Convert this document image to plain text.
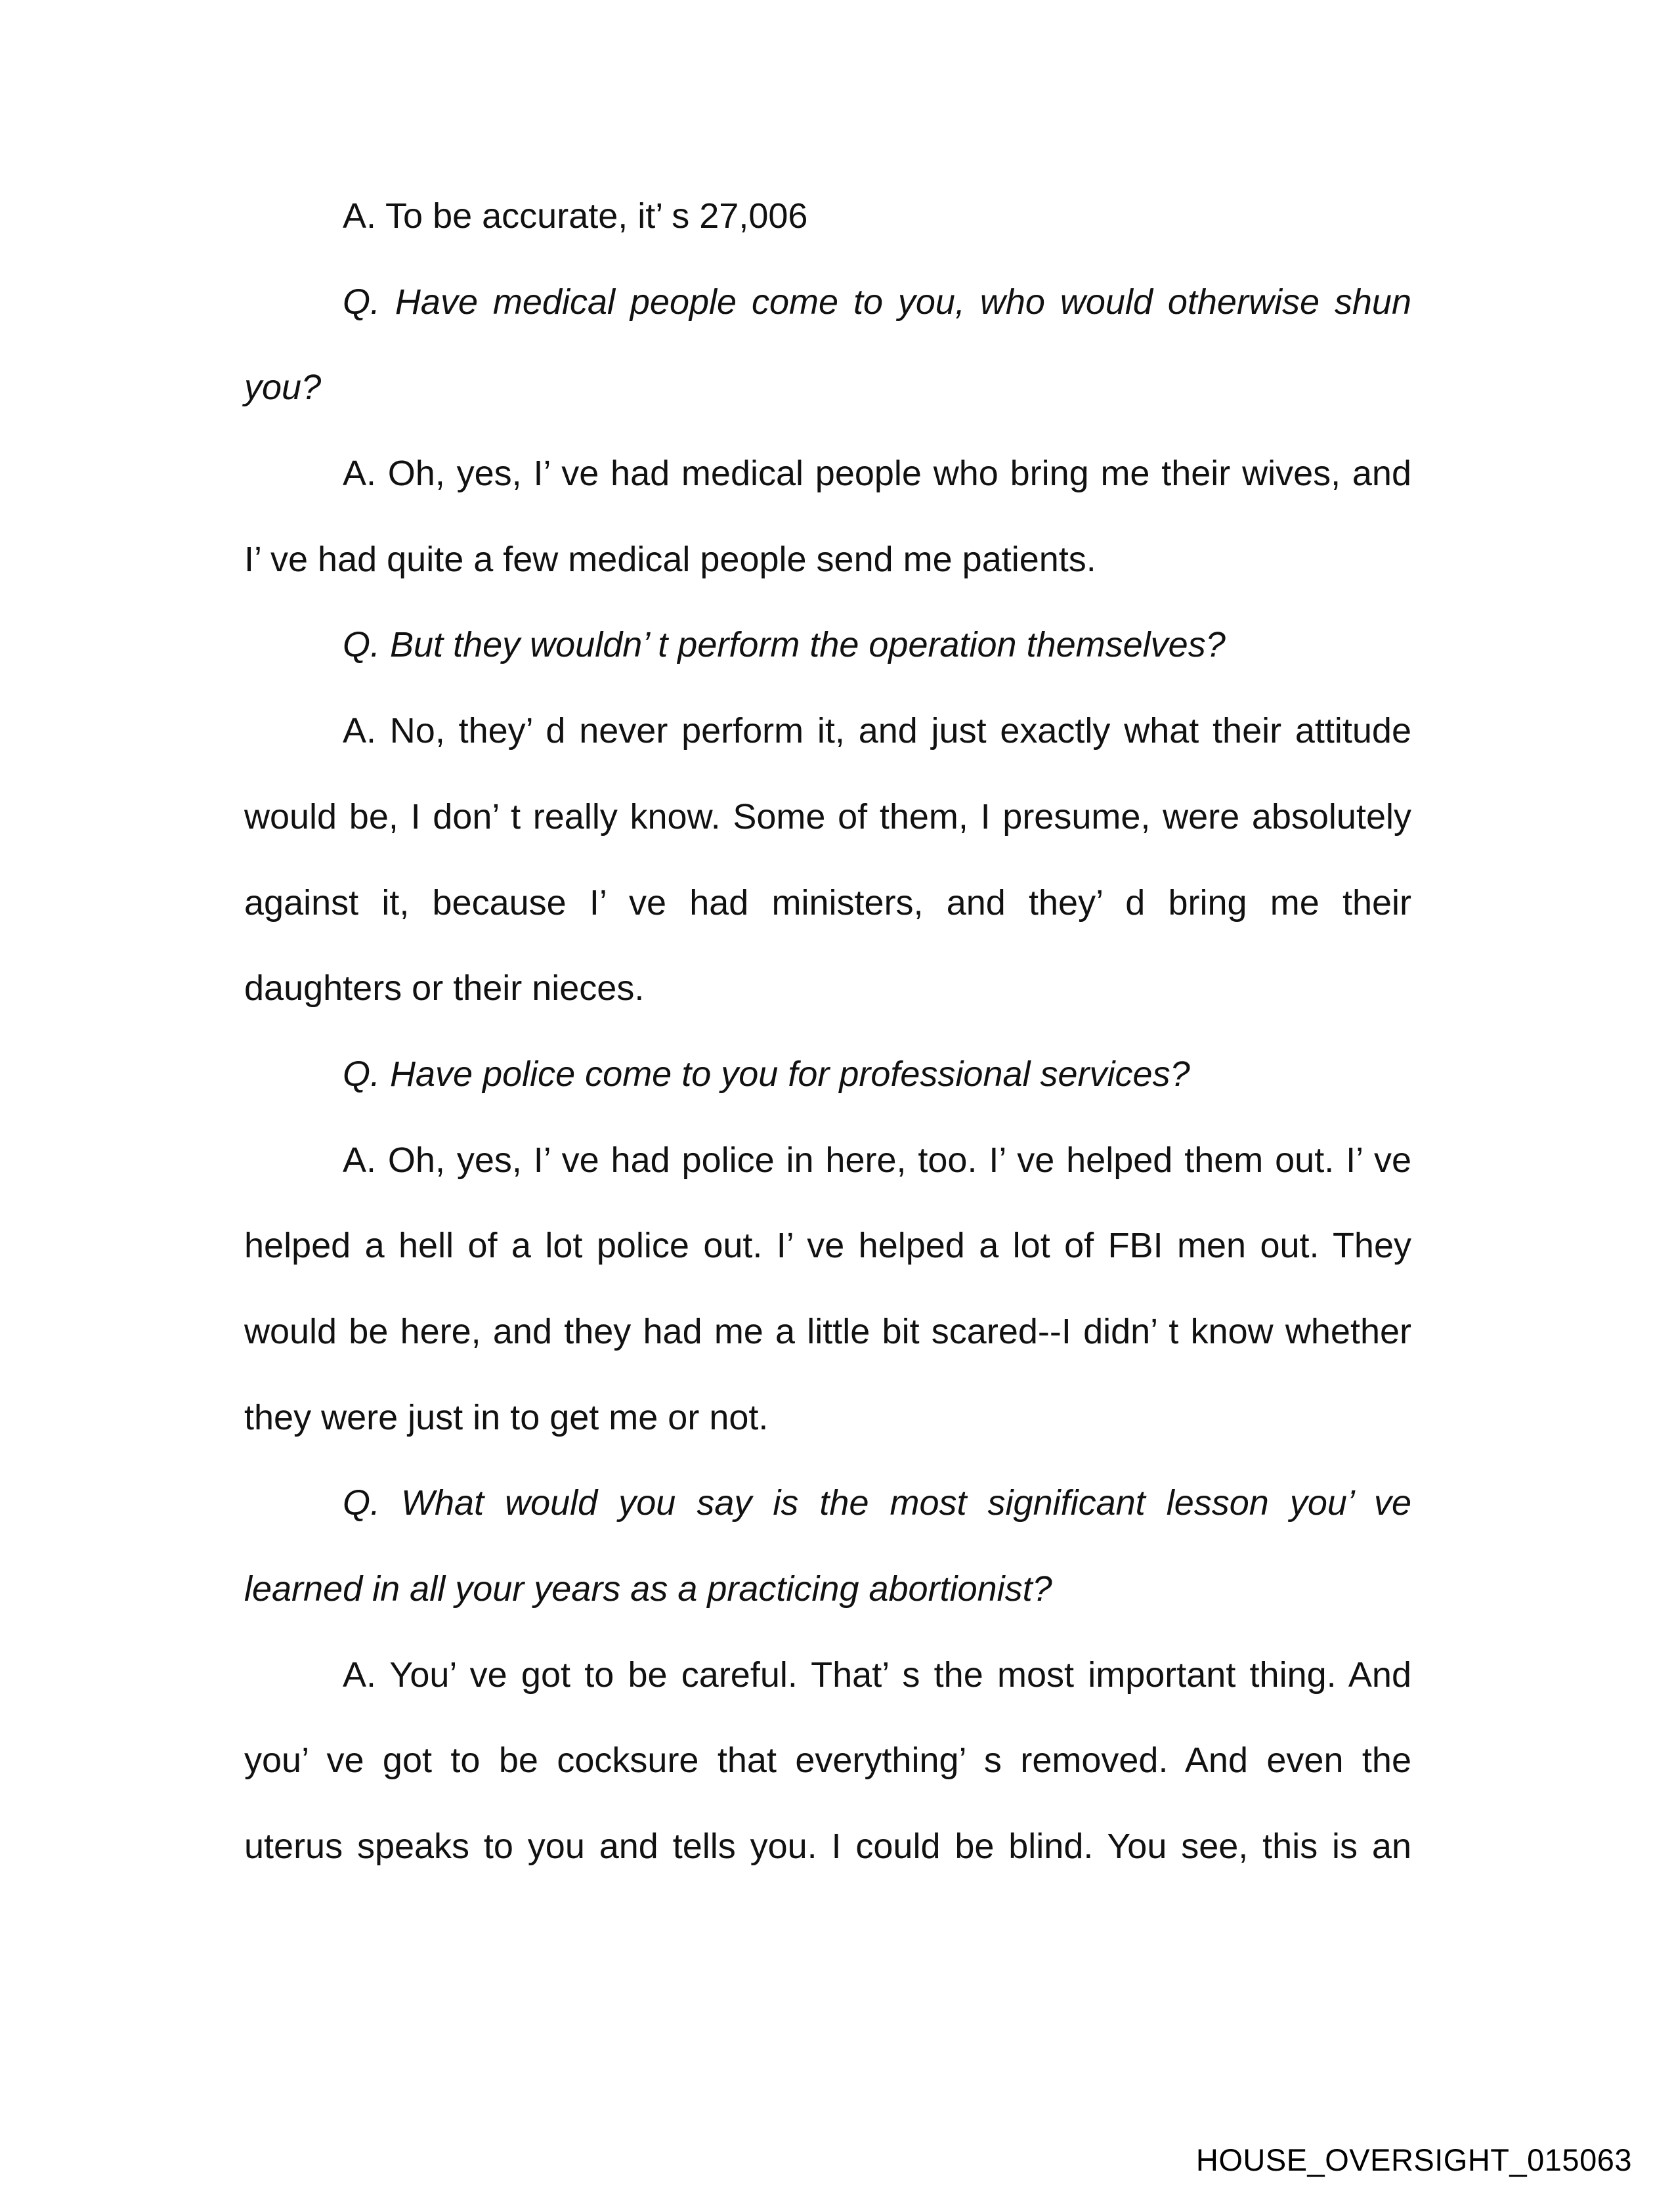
A. To be accurate, it’ s 27,006
Q. Have medical people come to you, who would otherwise shun
you?
A. Oh, yes, I’ ve had medical people who bring me their wives, and
I’ ve had quite a few medical people send me patients.
Q. But they wouldn’ t perform the operation themselves?
A. No, they’ d never perform it, and just exactly what their attitude
would be, I don’ t really know. Some of them, I presume, were absolutely
against it, because I’ ve had ministers, and they’ d bring me their
daughters or their nieces.
Q. Have police come to you for professional services?
A. Oh, yes, I’ ve had police in here, too. I’ ve helped them out. I’ ve
helped a hell of a lot police out. I’ ve helped a lot of FBI men out. They
would be here, and they had me a little bit scared--I didn’ t know whether
they were just in to get me or not.
Q. What would you say is the most significant lesson you’ ve
learned in all your years as a practicing abortionist?
A. You’ ve got to be careful. That’ s the most important thing. And
you’ ve got to be cocksure that everything’ s removed. And even the
uterus speaks to you and tells you. I could be blind. You see, this is an
HOUSE_OVERSIGHT_015063
